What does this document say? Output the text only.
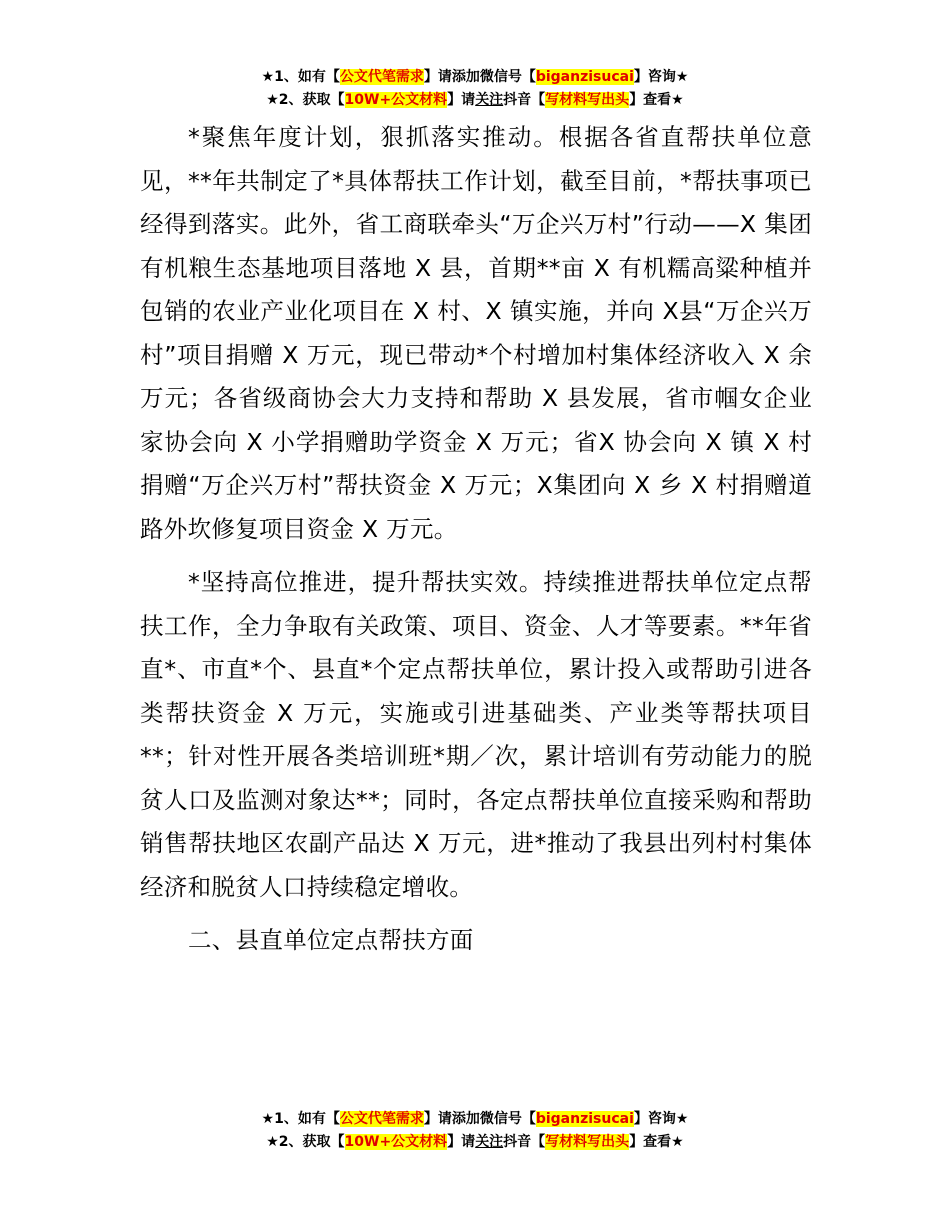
★1、如有【公文代笔需求】请添加微信号【biganzisucai】咨询★
★2、获取【10W+公文材料】请关注抖音【写材料写出头】查看★

*聚焦年度计划，狠抓落实推动。根据各省直帮扶单位意见，**年共制定了*具体帮扶工作计划，截至目前，*帮扶事项已经得到落实。此外，省工商联牵头“万企兴万村”行动——X 集团有机粮生态基地项目落地 X 县，首期**亩 X 有机糯高粱种植并包销的农业产业化项目在 X 村、X 镇实施，并向 X县“万企兴万村”项目捐赠 X 万元，现已带动*个村增加村集体经济收入 X 余万元；各省级商协会大力支持和帮助 X 县发展，省市帼女企业家协会向 X 小学捐赠助学资金 X 万元；省X 协会向 X 镇 X 村捐赠“万企兴万村”帮扶资金 X 万元；X集团向 X 乡 X 村捐赠道路外坎修复项目资金 X 万元。

*坚持高位推进，提升帮扶实效。持续推进帮扶单位定点帮扶工作，全力争取有关政策、项目、资金、人才等要素。**年省直*、市直*个、县直*个定点帮扶单位，累计投入或帮助引进各类帮扶资金 X 万元，实施或引进基础类、产业类等帮扶项目**；针对性开展各类培训班*期／次，累计培训有劳动能力的脱贫人口及监测对象达**；同时，各定点帮扶单位直接采购和帮助销售帮扶地区农副产品达 X 万元，进*推动了我县出列村村集体经济和脱贫人口持续稳定增收。

二、县直单位定点帮扶方面

★1、如有【公文代笔需求】请添加微信号【biganzisucai】咨询★
★2、获取【10W+公文材料】请关注抖音【写材料写出头】查看★
